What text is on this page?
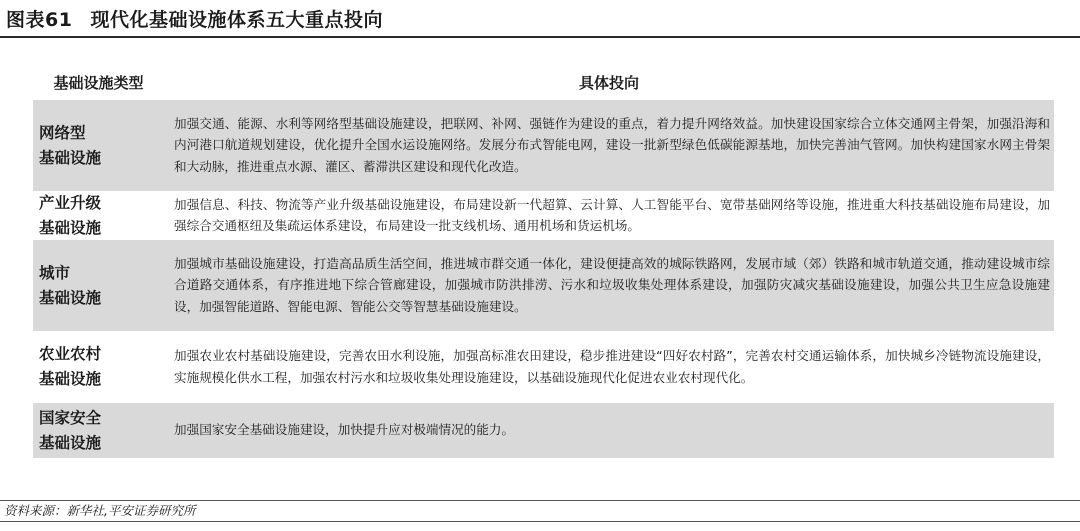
图表61 现代化基础设施体系五大重点投向
基础设施类型	具体投向
网络型
基础设施
加强交通、能源、水利等网络型基础设施建设，把联网、补网、强链作为建设的重点，着力提升网络效益。加快建设国家综合立体交通网主骨架，加强沿海和内河港口航道规划建设，优化提升全国水运设施网络。发展分布式智能电网，建设一批新型绿色低碳能源基地，加快完善油气管网。加快构建国家水网主骨架和大动脉，推进重点水源、灌区、蓄滞洪区建设和现代化改造。
产业升级
基础设施
加强信息、科技、物流等产业升级基础设施建设，布局建设新一代超算、云计算、人工智能平台、宽带基础网络等设施，推进重大科技基础设施布局建设，加强综合交通枢纽及集疏运体系建设，布局建设一批支线机场、通用机场和货运机场。
城市
基础设施
加强城市基础设施建设，打造高品质生活空间，推进城市群交通一体化，建设便捷高效的城际铁路网，发展市域（郊）铁路和城市轨道交通，推动建设城市综合道路交通体系，有序推进地下综合管廊建设，加强城市防洪排涝、污水和垃圾收集处理体系建设，加强防灾减灾基础设施建设，加强公共卫生应急设施建设，加强智能道路、智能电源、智能公交等智慧基础设施建设。
农业农村
基础设施
加强农业农村基础设施建设，完善农田水利设施，加强高标准农田建设，稳步推进建设“四好农村路”，完善农村交通运输体系，加快城乡冷链物流设施建设，实施规模化供水工程，加强农村污水和垃圾收集处理设施建设，以基础设施现代化促进农业农村现代化。
国家安全
基础设施
加强国家安全基础设施建设，加快提升应对极端情况的能力。
资料来源：新华社,平安证券研究所
